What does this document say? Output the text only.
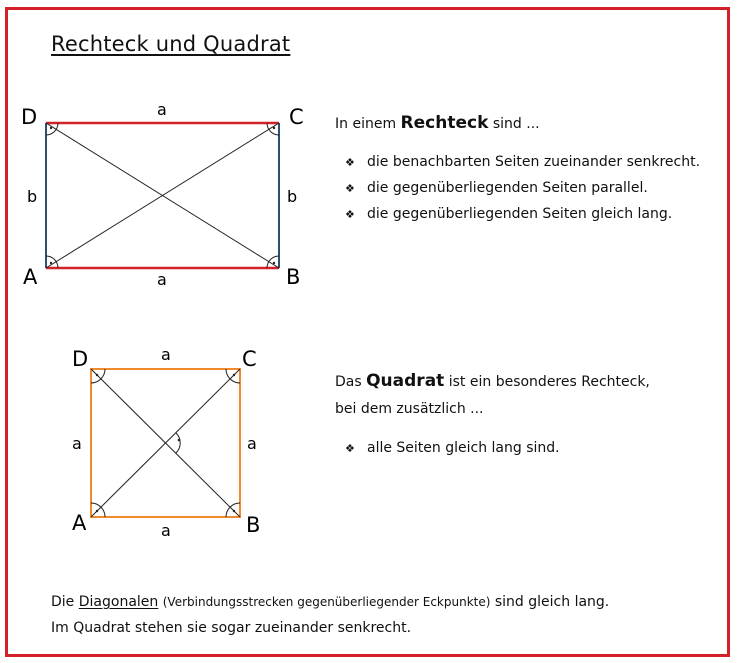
Rechteck und Quadrat
D	C
A	B
a
a
b	b
D	C
A	B
a
a
a	a
In einem Rechteck sind ...
❖ die benachbarten Seiten zueinander senkrecht.
❖ die gegenüberliegenden Seiten parallel.
❖ die gegenüberliegenden Seiten gleich lang.
Das Quadrat ist ein besonderes Rechteck,
bei dem zusätzlich ...
❖ alle Seiten gleich lang sind.
Die Diagonalen (Verbindungsstrecken gegenüberliegender Eckpunkte) sind gleich lang.
Im Quadrat stehen sie sogar zueinander senkrecht.
